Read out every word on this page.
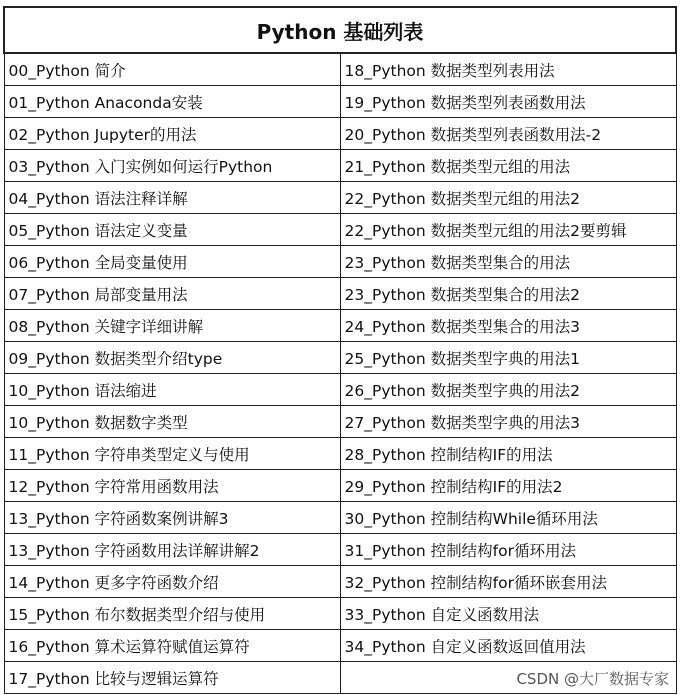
Python 基础列表	
00_Python 简介	18_Python 数据类型列表用法
01_Python Anaconda安装	19_Python 数据类型列表函数用法
02_Python Jupyter的用法	20_Python 数据类型列表函数用法-2
03_Python 入门实例如何运行Python	21_Python 数据类型元组的用法
04_Python 语法注释详解	22_Python 数据类型元组的用法2
05_Python 语法定义变量	22_Python 数据类型元组的用法2要剪辑
06_Python 全局变量使用	23_Python 数据类型集合的用法
07_Python 局部变量用法	23_Python 数据类型集合的用法2
08_Python 关键字详细讲解	24_Python 数据类型集合的用法3
09_Python 数据类型介绍type	25_Python 数据类型字典的用法1
10_Python 语法缩进	26_Python 数据类型字典的用法2
10_Python 数据数字类型	27_Python 数据类型字典的用法3
11_Python 字符串类型定义与使用	28_Python 控制结构IF的用法
12_Python 字符常用函数用法	29_Python 控制结构IF的用法2
13_Python 字符函数案例讲解3	30_Python 控制结构While循环用法
13_Python 字符函数用法详解讲解2	31_Python 控制结构for循环用法
14_Python 更多字符函数介绍	32_Python 控制结构for循环嵌套用法
15_Python 布尔数据类型介绍与使用	33_Python 自定义函数用法
16_Python 算术运算符赋值运算符	34_Python 自定义函数返回值用法
17_Python 比较与逻辑运算符		CSDN @大厂数据专家
